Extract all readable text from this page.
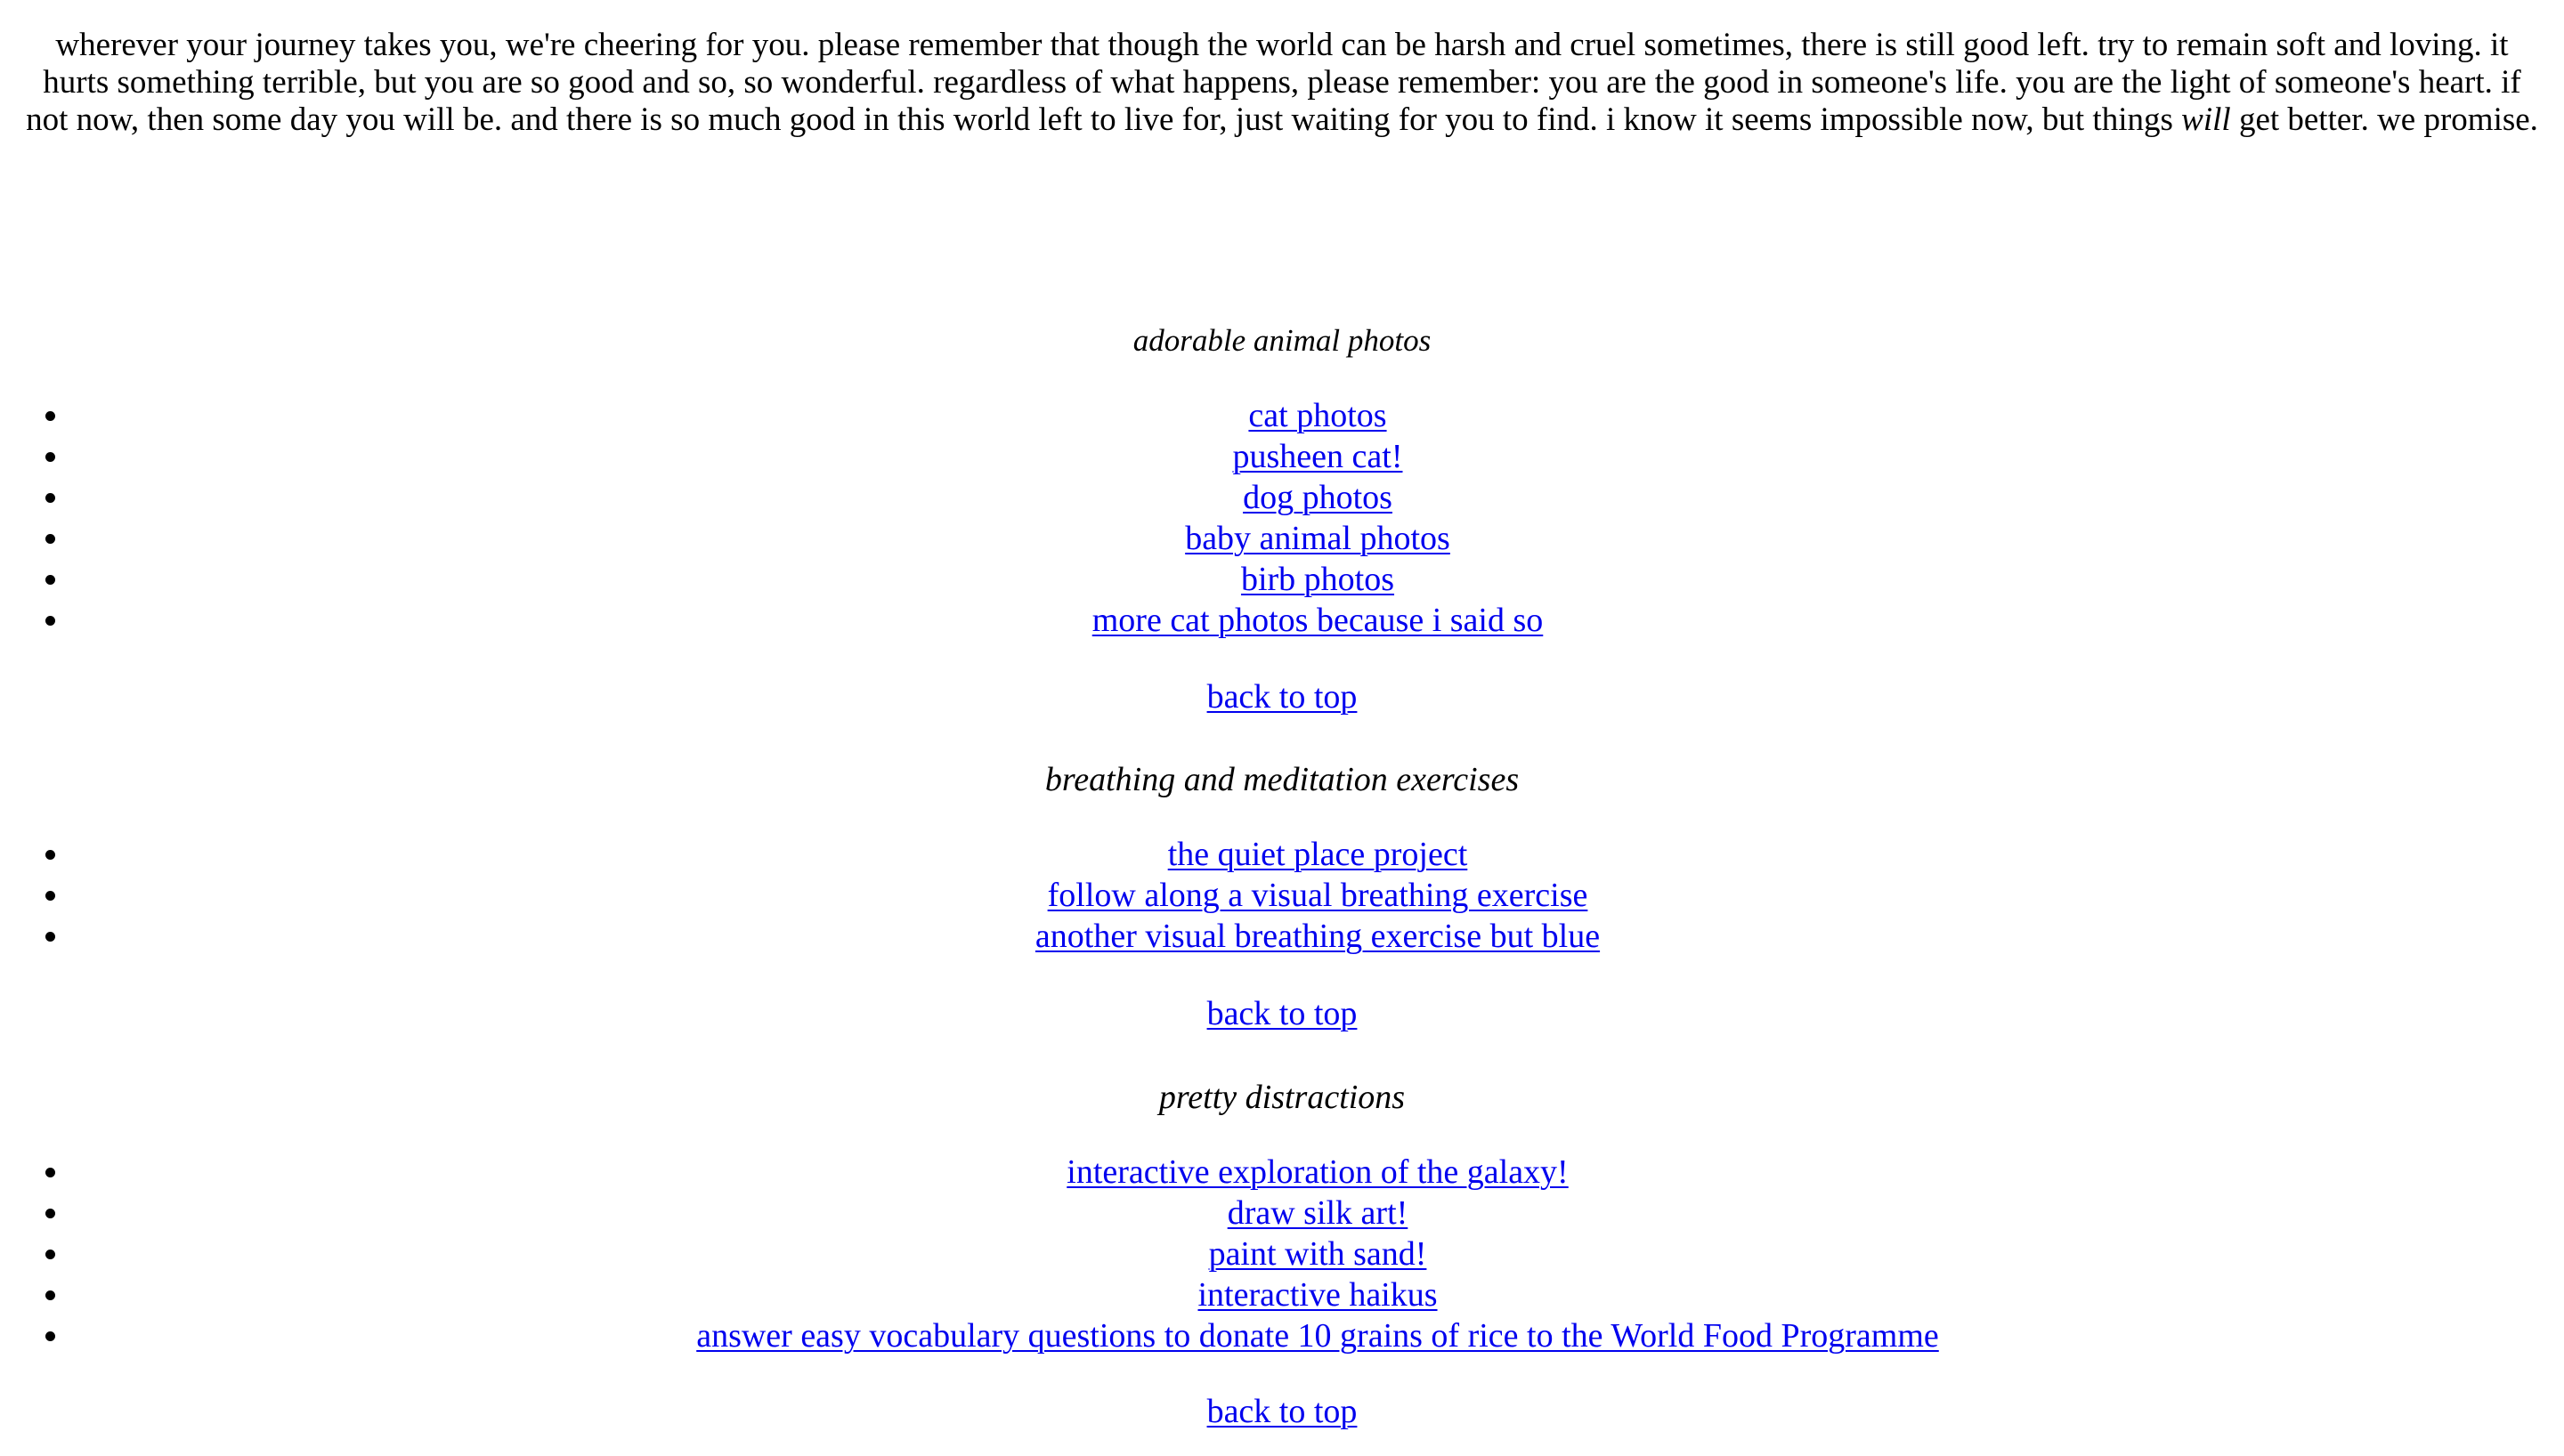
wherever your journey takes you, we're cheering for you. please remember that though the world can be harsh and cruel sometimes, there is still good left. try to remain soft and loving. it hurts something terrible, but you are so good and so, so wonderful. regardless of what happens, please remember: you are the good in someone's life. you are the light of someone's heart. if not now, then some day you will be. and there is so much good in this world left to live for, just waiting for you to find. i know it seems impossible now, but things will get better. we promise.

adorable animal photos
• cat photos
• pusheen cat!
• dog photos
• baby animal photos
• birb photos
• more cat photos because i said so

back to top

breathing and meditation exercises
• the quiet place project
• follow along a visual breathing exercise
• another visual breathing exercise but blue

back to top

pretty distractions
• interactive exploration of the galaxy!
• draw silk art!
• paint with sand!
• interactive haikus
• answer easy vocabulary questions to donate 10 grains of rice to the World Food Programme

back to top
